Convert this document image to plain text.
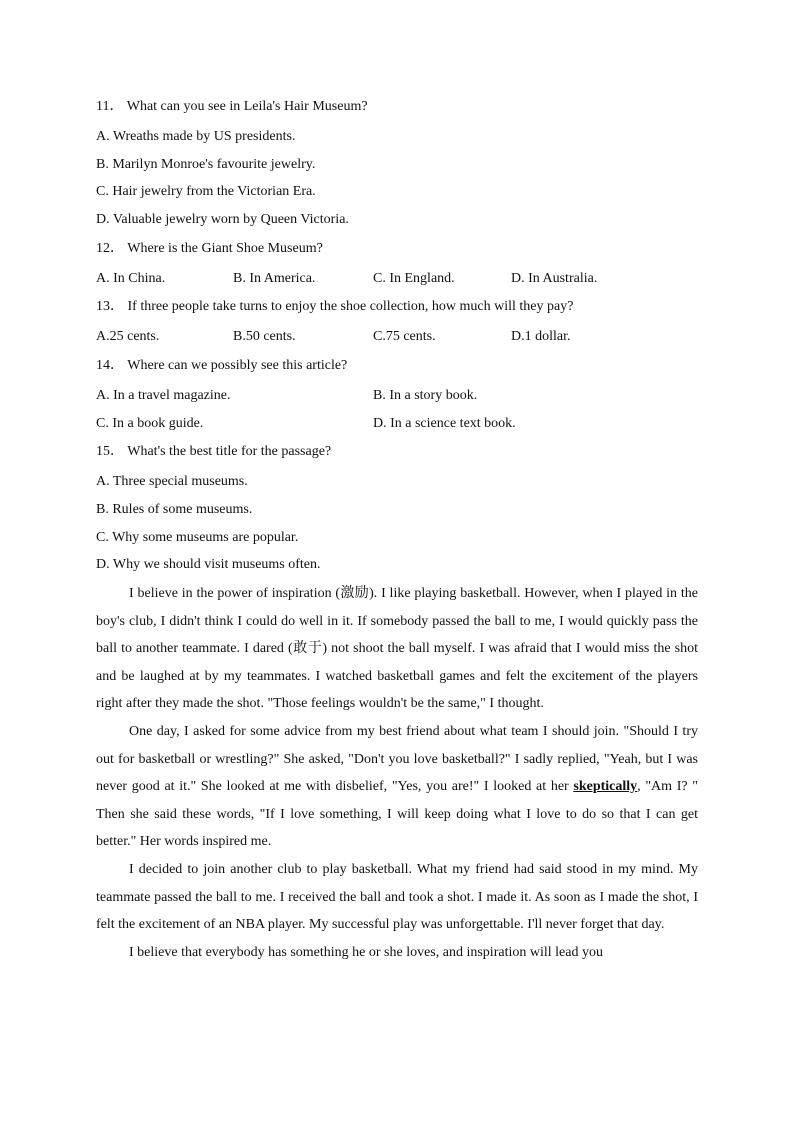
11． What can you see in Leila's Hair Museum?
A. Wreaths made by US presidents.
B. Marilyn Monroe's favourite jewelry.
C. Hair jewelry from the Victorian Era.
D. Valuable jewelry worn by Queen Victoria.
12． Where is the Giant Shoe Museum?
A. In China.	B. In America.	C. In England.	D. In Australia.
13． If three people take turns to enjoy the shoe collection, how much will they pay?
A.25 cents.	B.50 cents.	C.75 cents.	D.1 dollar.
14． Where can we possibly see this article?
A. In a travel magazine.	B. In a story book.
C. In a book guide.	D. In a science text book.
15． What's the best title for the passage?
A. Three special museums.
B. Rules of some museums.
C. Why some museums are popular.
D. Why we should visit museums often.

I believe in the power of inspiration (激励). I like playing basketball. However, when I played in the boy's club, I didn't think I could do well in it. If somebody passed the ball to me, I would quickly pass the ball to another teammate. I dared (敢于) not shoot the ball myself. I was afraid that I would miss the shot and be laughed at by my teammates. I watched basketball games and felt the excitement of the players right after they made the shot. "Those feelings wouldn't be the same," I thought.

One day, I asked for some advice from my best friend about what team I should join. "Should I try out for basketball or wrestling?" She asked, "Don't you love basketball?" I sadly replied, "Yeah, but I was never good at it." She looked at me with disbelief, "Yes, you are!" I looked at her skeptically, "Am I? " Then she said these words, "If I love something, I will keep doing what I love to do so that I can get better." Her words inspired me.

I decided to join another club to play basketball. What my friend had said stood in my mind. My teammate passed the ball to me. I received the ball and took a shot. I made it. As soon as I made the shot, I felt the excitement of an NBA player. My successful play was unforgettable. I'll never forget that day.

I believe that everybody has something he or she loves, and inspiration will lead you
